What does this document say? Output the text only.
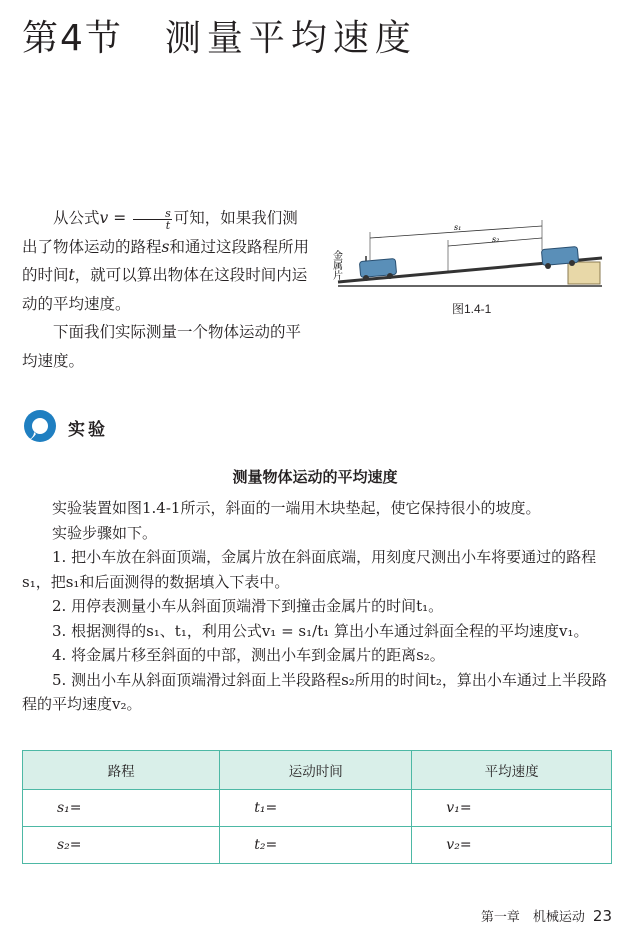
第4节 测量平均速度

从公式$v = \frac{s}{t}$ 可知，如果我们测出了物体运动的路程s和通过这段路程所用的时间t，就可以算出物体在这段时间内运动的平均速度。

下面我们实际测量一个物体运动的平均速度。

s₁
s₂
金属片
图1.4-1
实验
测量物体运动的平均速度

实验装置如图1.4-1所示，斜面的一端用木块垫起，使它保持很小的坡度。

实验步骤如下。

1. 把小车放在斜面顶端，金属片放在斜面底端，用刻度尺测出小车将要通过的路程s₁，把s₁和后面测得的数据填入下表中。

2. 用停表测量小车从斜面顶端滑下到撞击金属片的时间t₁。

3. 根据测得的s₁、t₁，利用公式v₁ = s₁/t₁ 算出小车通过斜面全程的平均速度v₁。

4. 将金属片移至斜面的中部，测出小车到金属片的距离s₂。

5. 测出小车从斜面顶端滑过斜面上半段路程s₂所用的时间t₂，算出小车通过上半段路程的平均速度v₂。

路程	运动时间	平均速度
s₁=	t₁=	v₁=
s₂=	t₂=	v₂=
第一章　机械运动 23
